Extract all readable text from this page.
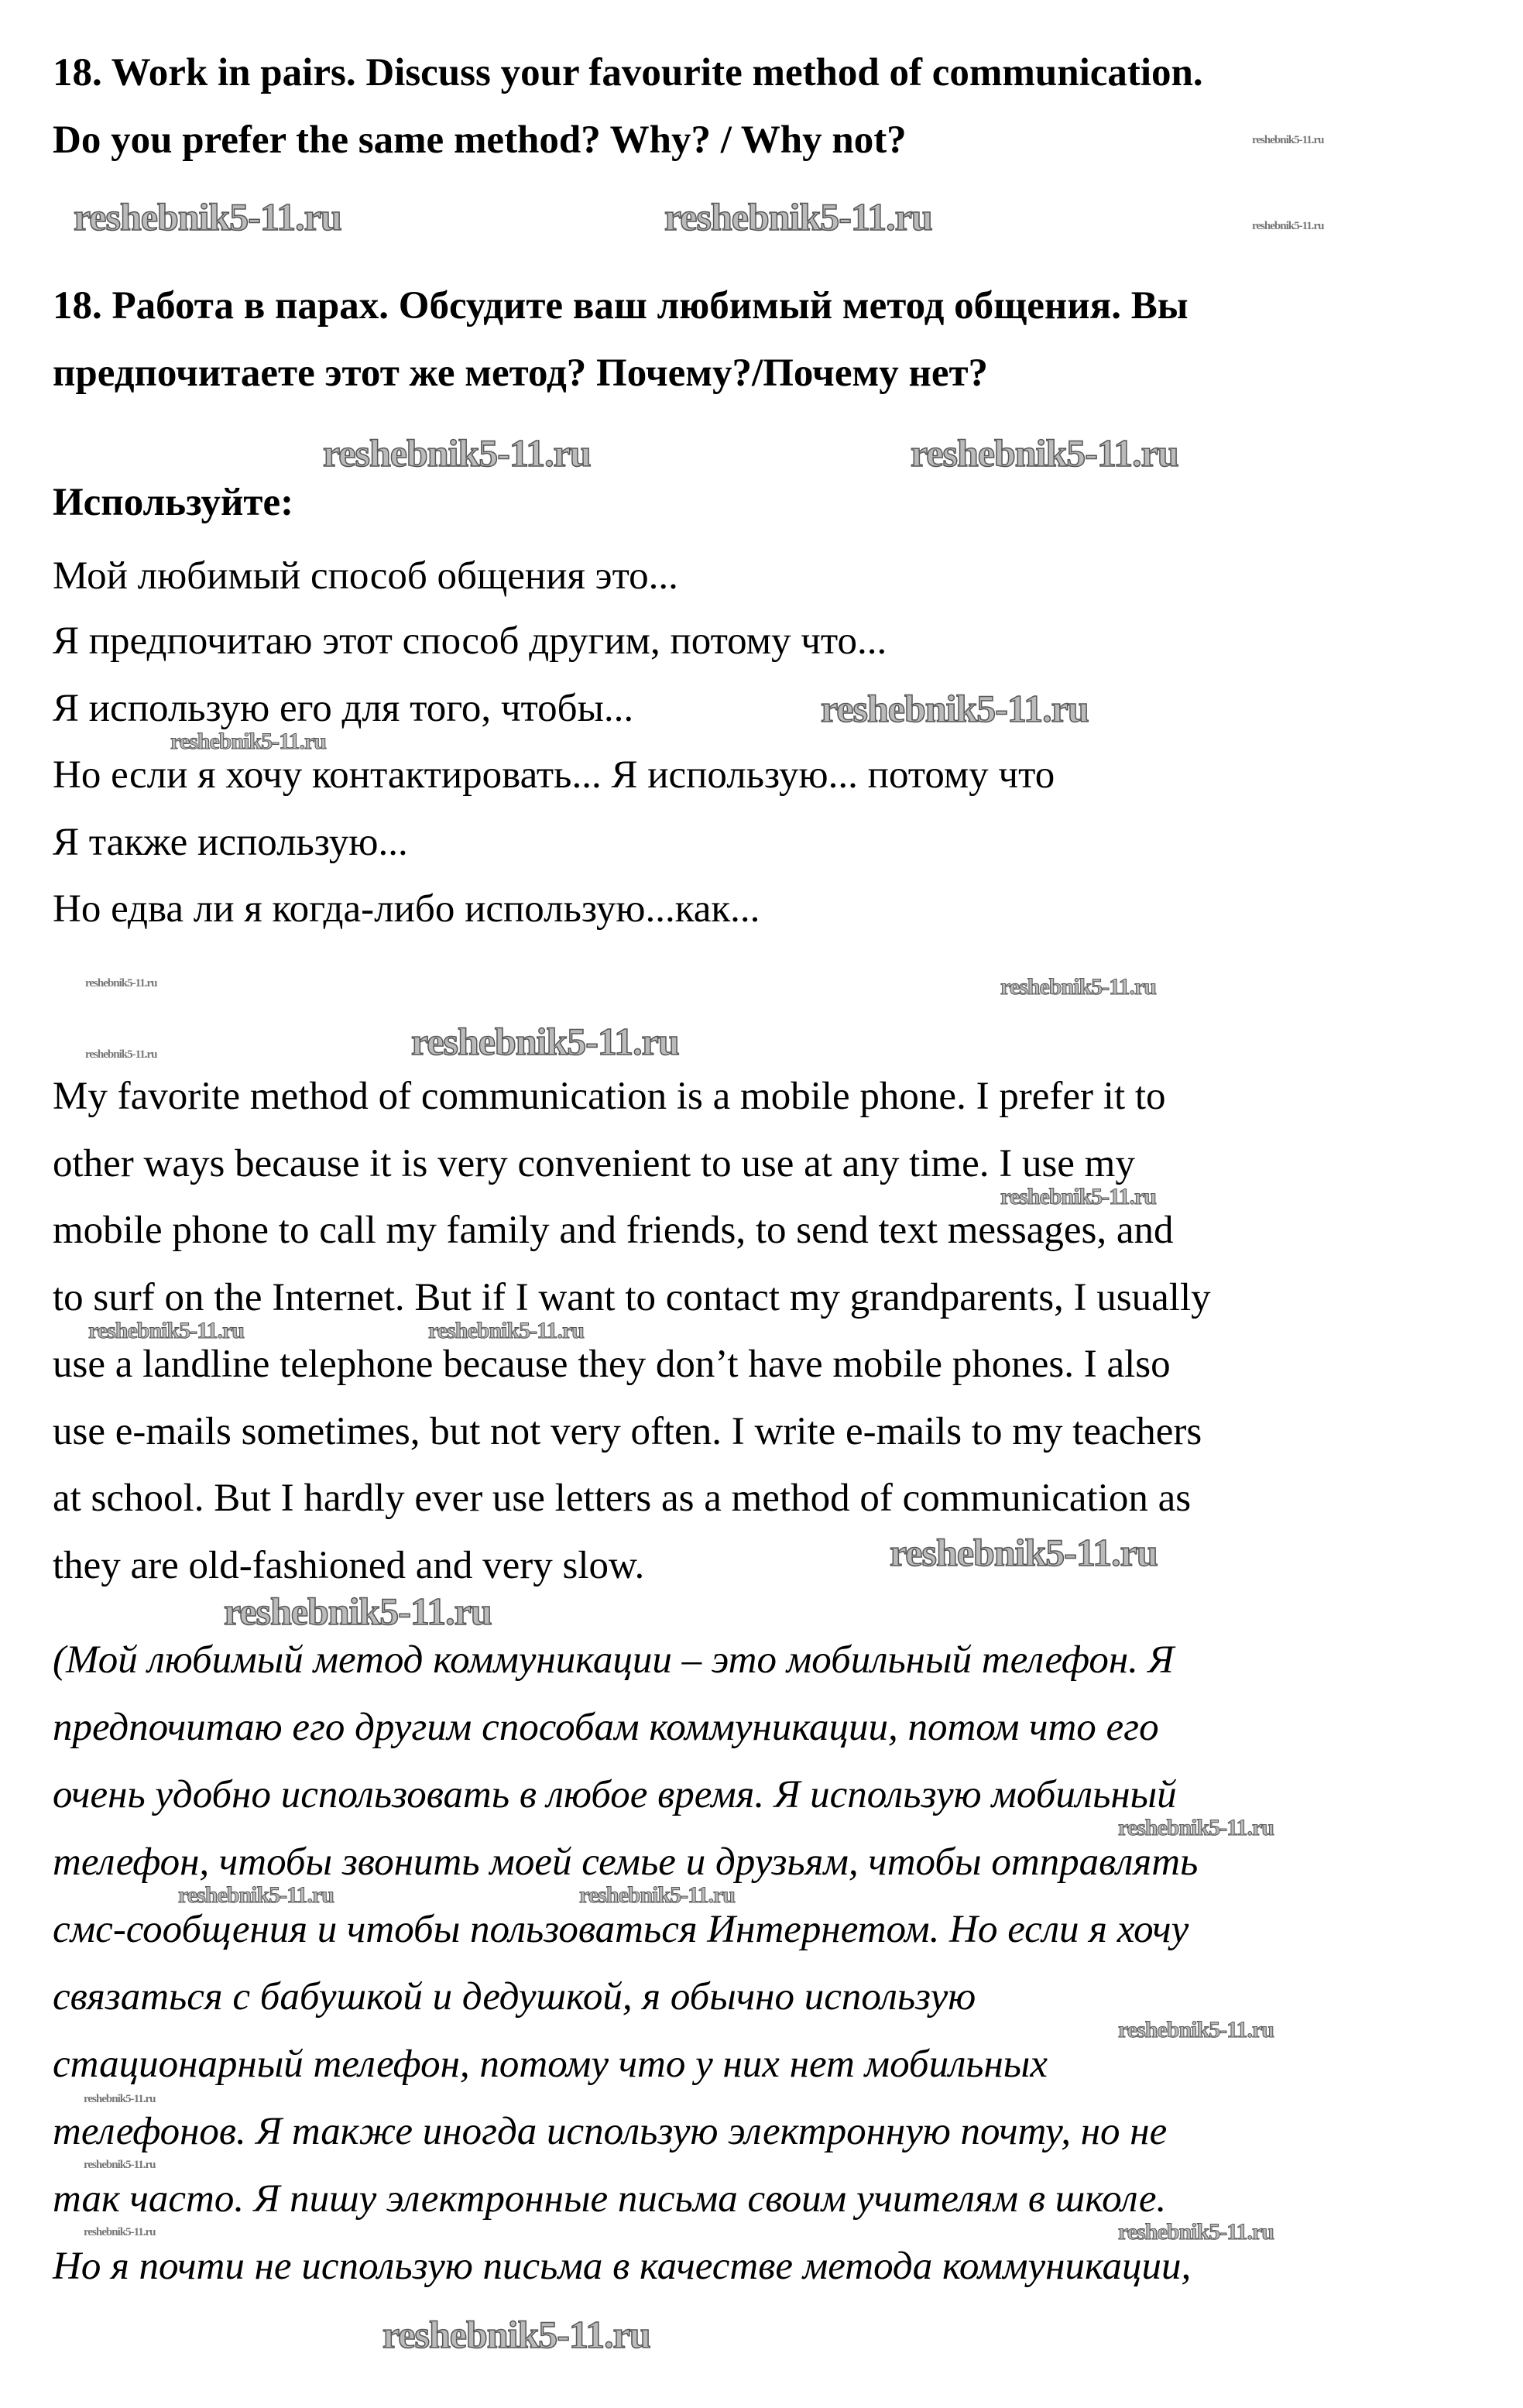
18. Work in pairs. Discuss your favourite method of communication.
Do you prefer the same method? Why? / Why not?
18. Работа в парах. Обсудите ваш любимый метод общения. Вы
предпочитаете этот же метод? Почему?/Почему нет?
Используйте:
Мой любимый способ общения это...
Я предпочитаю этот способ другим, потому что...
Я использую его для того, чтобы...
Но если я хочу контактировать... Я использую... потому что
Я также использую...
Но едва ли я когда-либо использую...как...
My favorite method of communication is a mobile phone. I prefer it to
other ways because it is very convenient to use at any time. I use my
mobile phone to call my family and friends, to send text messages, and
to surf on the Internet. But if I want to contact my grandparents, I usually
use a landline telephone because they don’t have mobile phones. I also
use e-mails sometimes, but not very often. I write e-mails to my teachers
at school. But I hardly ever use letters as a method of communication as
they are old-fashioned and very slow.
(Мой любимый метод коммуникации – это мобильный телефон. Я
предпочитаю его другим способам коммуникации, потом что его
очень удобно использовать в любое время. Я использую мобильный
телефон, чтобы звонить моей семье и друзьям, чтобы отправлять
смс-сообщения и чтобы пользоваться Интернетом. Но если я хочу
связаться с бабушкой и дедушкой, я обычно использую
стационарный телефон, потому что у них нет мобильных
телефонов. Я также иногда использую электронную почту, но не
так часто. Я пишу электронные письма своим учителям в школе.
Но я почти не использую письма в качестве метода коммуникации,
reshebnik5-11.ru	reshebnik5-11.ru
reshebnik5-11.ru	reshebnik5-11.ru
reshebnik5-11.ru
reshebnik5-11.ru
reshebnik5-11.ru
reshebnik5-11.ru
reshebnik5-11.ru
reshebnik5-11.ru
reshebnik5-11.ru
reshebnik5-11.ru
reshebnik5-11.ru	reshebnik5-11.ru
reshebnik5-11.ru
reshebnik5-11.ru	reshebnik5-11.ru
reshebnik5-11.ru
reshebnik5-11.ru
reshebnik5-11.ru
reshebnik5-11.ru
reshebnik5-11.ru
reshebnik5-11.ru
reshebnik5-11.ru
reshebnik5-11.ru
reshebnik5-11.ru
